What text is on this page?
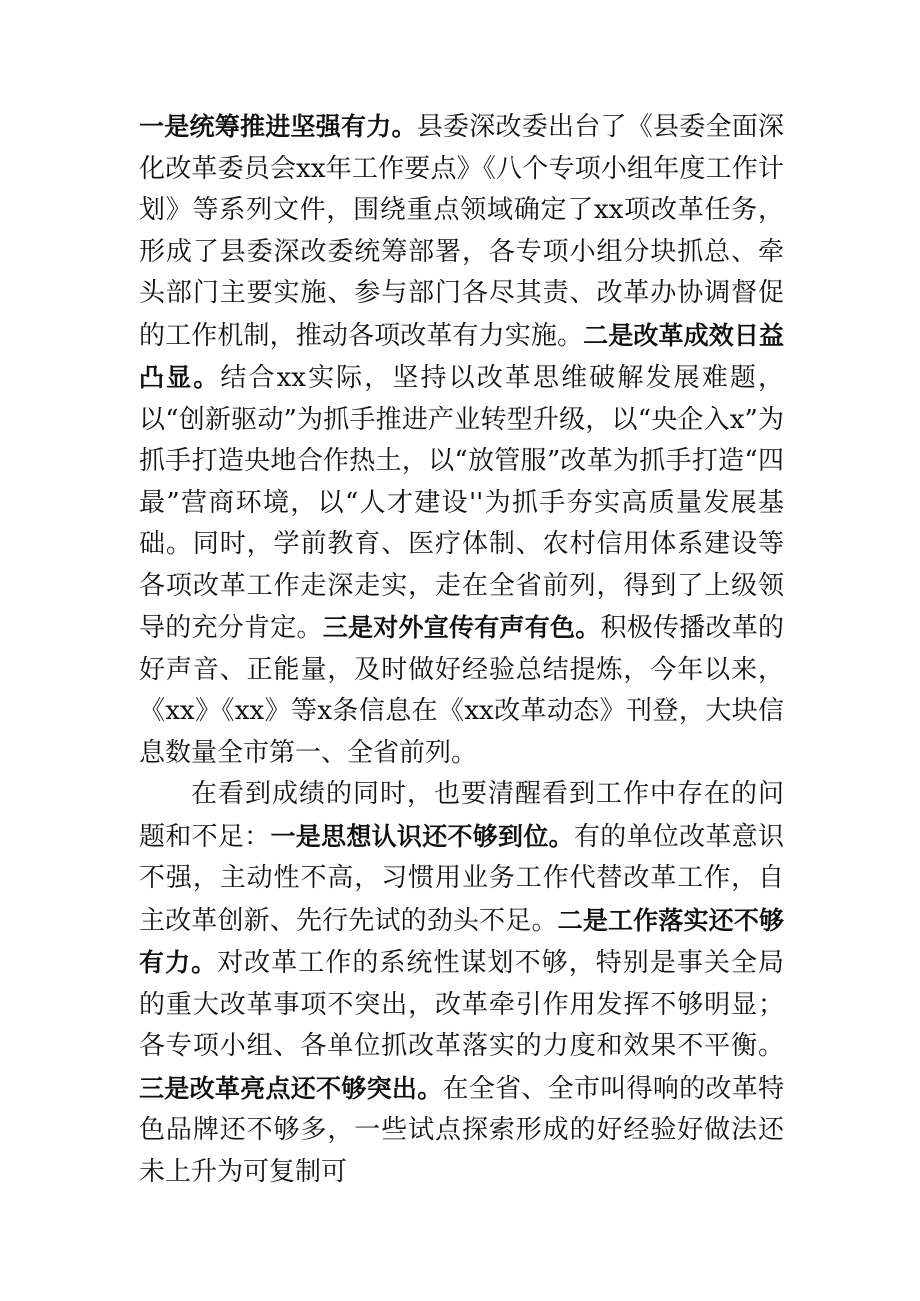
一是统筹推进坚强有力。县委深改委出台了《县委全面深化改革委员会xx年工作要点》《八个专项小组年度工作计划》等系列文件，围绕重点领域确定了xx项改革任务，形成了县委深改委统筹部署，各专项小组分块抓总、牵头部门主要实施、参与部门各尽其责、改革办协调督促的工作机制，推动各项改革有力实施。二是改革成效日益凸显。结合xx实际，坚持以改革思维破解发展难题，以“创新驱动”为抓手推进产业转型升级，以“央企入x”为抓手打造央地合作热土，以“放管服”改革为抓手打造“四最”营商环境，以“人才建设''为抓手夯实高质量发展基础。同时，学前教育、医疗体制、农村信用体系建设等各项改革工作走深走实，走在全省前列，得到了上级领导的充分肯定。三是对外宣传有声有色。积极传播改革的好声音、正能量，及时做好经验总结提炼，今年以来，《xx》《xx》等x条信息在《xx改革动态》刊登，大块信息数量全市第一、全省前列。

在看到成绩的同时，也要清醒看到工作中存在的问题和不足：一是思想认识还不够到位。有的单位改革意识不强，主动性不高，习惯用业务工作代替改革工作，自主改革创新、先行先试的劲头不足。二是工作落实还不够有力。对改革工作的系统性谋划不够，特别是事关全局的重大改革事项不突出，改革牵引作用发挥不够明显；各专项小组、各单位抓改革落实的力度和效果不平衡。三是改革亮点还不够突出。在全省、全市叫得响的改革特色品牌还不够多，一些试点探索形成的好经验好做法还未上升为可复制可
